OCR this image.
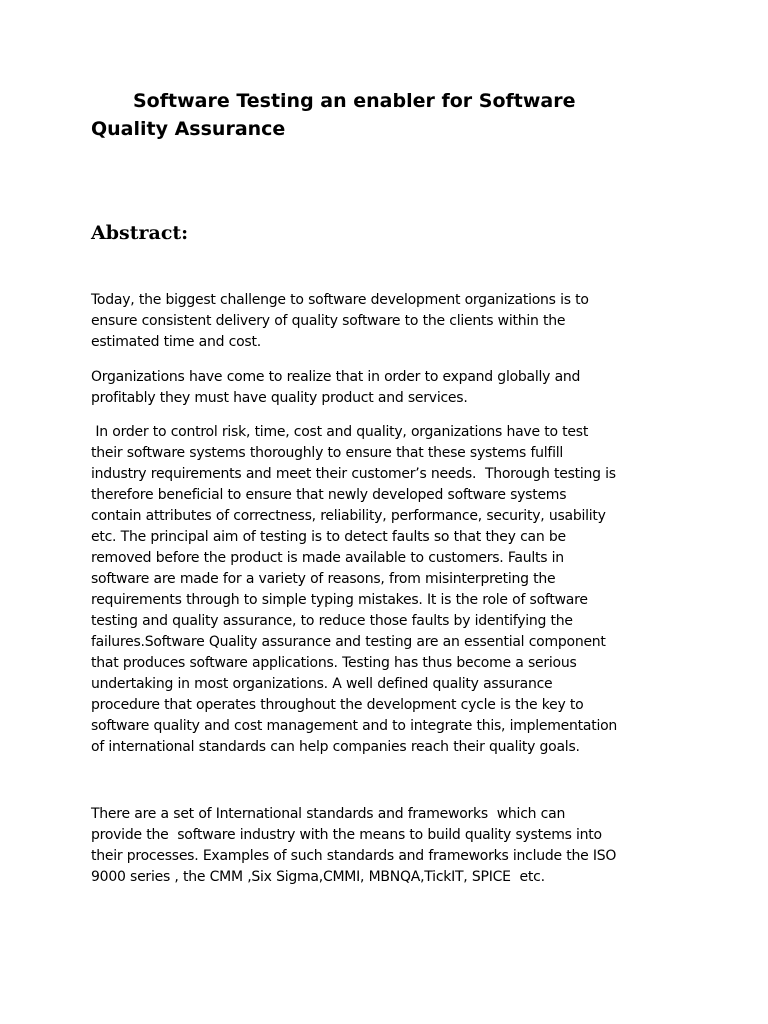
Software Testing an enabler for Software Quality Assurance
Abstract:

Today, the biggest challenge to software development organizations is to
ensure consistent delivery of quality software to the clients within the
estimated time and cost.

Organizations have come to realize that in order to expand globally and
profitably they must have quality product and services.

In order to control risk, time, cost and quality, organizations have to test
their software systems thoroughly to ensure that these systems fulfill
industry requirements and meet their customer’s needs.  Thorough testing is
therefore beneficial to ensure that newly developed software systems
contain attributes of correctness, reliability, performance, security, usability
etc. The principal aim of testing is to detect faults so that they can be
removed before the product is made available to customers. Faults in
software are made for a variety of reasons, from misinterpreting the
requirements through to simple typing mistakes. It is the role of software
testing and quality assurance, to reduce those faults by identifying the
failures.Software Quality assurance and testing are an essential component
that produces software applications. Testing has thus become a serious
undertaking in most organizations. A well defined quality assurance
procedure that operates throughout the development cycle is the key to
software quality and cost management and to integrate this, implementation
of international standards can help companies reach their quality goals.

There are a set of International standards and frameworks  which can
provide the  software industry with the means to build quality systems into
their processes. Examples of such standards and frameworks include the ISO
9000 series , the CMM ,Six Sigma,CMMI, MBNQA,TickIT, SPICE  etc.
